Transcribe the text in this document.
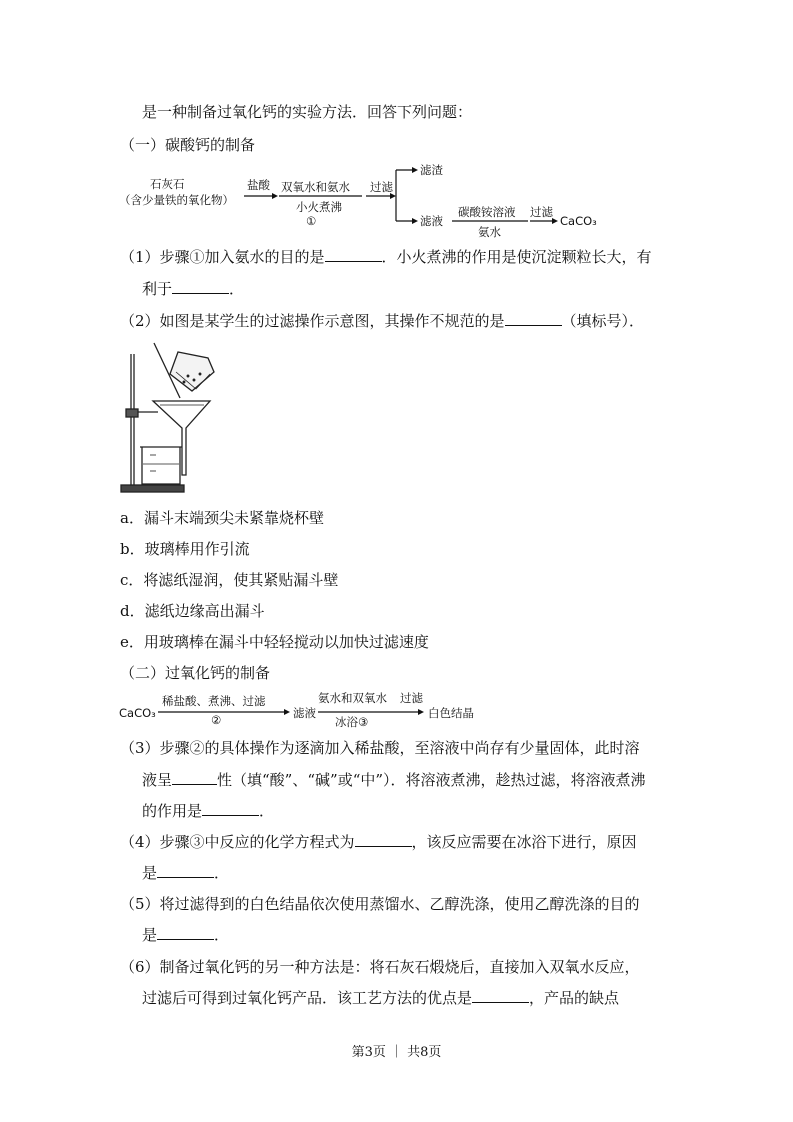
是一种制备过氧化钙的实验方法．回答下列问题：
（一）碳酸钙的制备
石灰石
（含少量铁的氧化物）
盐酸 双氧水和氨水
小火煮沸
①
过滤
滤渣
滤液
碳酸铵溶液
氨水
过滤
CaCO₃
（1）步骤①加入氨水的目的是	．小火煮沸的作用是使沉淀颗粒长大，有
利于	．
（2）如图是某学生的过滤操作示意图，其操作不规范的是	（填标号）．
a．漏斗末端颈尖未紧靠烧杯壁
b．玻璃棒用作引流
c．将滤纸湿润，使其紧贴漏斗壁
d．滤纸边缘高出漏斗
e．用玻璃棒在漏斗中轻轻搅动以加快过滤速度
（二）过氧化钙的制备
CaCO₃
稀盐酸、煮沸、过滤
②	滤液
氨水和双氧水
冰浴③
过滤
白色结晶
（3）步骤②的具体操作为逐滴加入稀盐酸，至溶液中尚存有少量固体，此时溶
液呈	性（填“酸”、“碱”或“中”）．将溶液煮沸，趁热过滤，将溶液煮沸
的作用是	．
（4）步骤③中反应的化学方程式为	，该反应需要在冰浴下进行，原因
是	．
（5）将过滤得到的白色结晶依次使用蒸馏水、乙醇洗涤，使用乙醇洗涤的目的
是	．
（6）制备过氧化钙的另一种方法是：将石灰石煅烧后，直接加入双氧水反应，
过滤后可得到过氧化钙产品．该工艺方法的优点是	，产品的缺点
第3页 ｜ 共8页
